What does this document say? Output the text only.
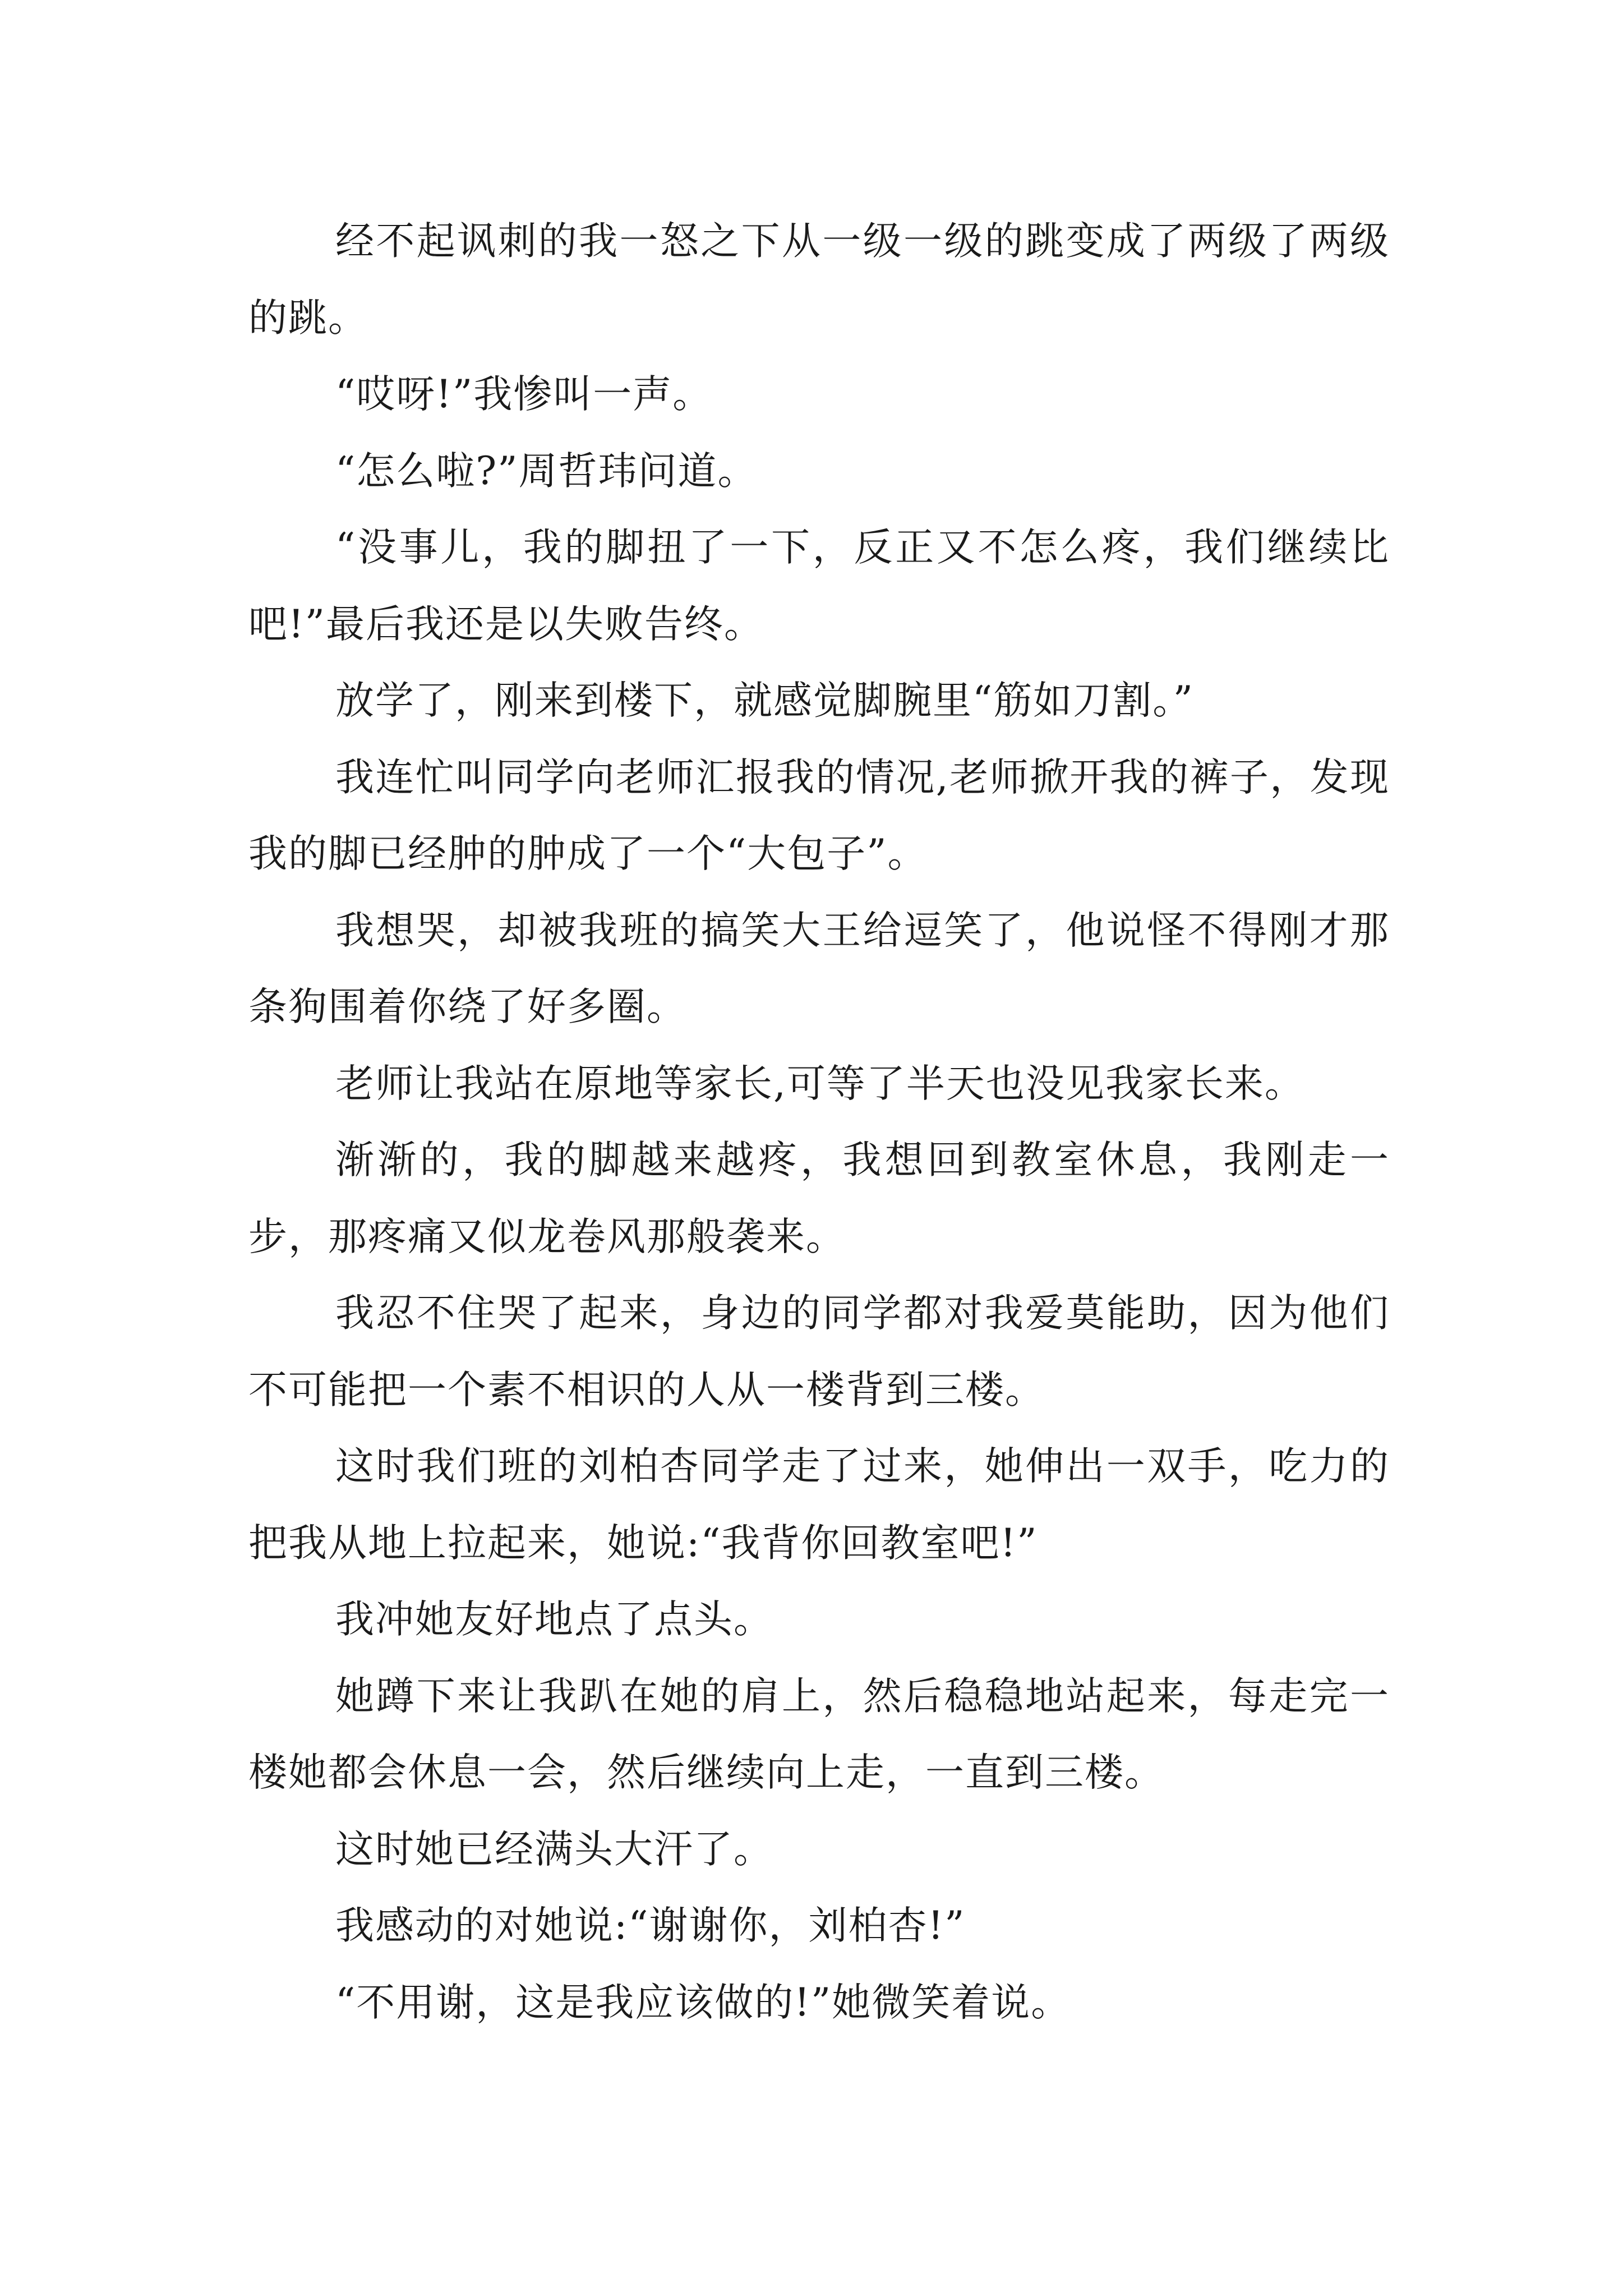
经不起讽刺的我一怒之下从一级一级的跳变成了两级了两级的跳。

“哎呀!”我惨叫一声。

“怎么啦?”周哲玮问道。

“没事儿，我的脚扭了一下，反正又不怎么疼，我们继续比吧!”最后我还是以失败告终。

放学了，刚来到楼下，就感觉脚腕里“筋如刀割。”

我连忙叫同学向老师汇报我的情况,老师掀开我的裤子，发现我的脚已经肿的肿成了一个“大包子”。

我想哭，却被我班的搞笑大王给逗笑了，他说怪不得刚才那条狗围着你绕了好多圈。

老师让我站在原地等家长,可等了半天也没见我家长来。

渐渐的，我的脚越来越疼，我想回到教室休息，我刚走一步，那疼痛又似龙卷风那般袭来。

我忍不住哭了起来，身边的同学都对我爱莫能助，因为他们不可能把一个素不相识的人从一楼背到三楼。

这时我们班的刘柏杏同学走了过来，她伸出一双手，吃力的把我从地上拉起来，她说:“我背你回教室吧!”

我冲她友好地点了点头。

她蹲下来让我趴在她的肩上，然后稳稳地站起来，每走完一楼她都会休息一会，然后继续向上走，一直到三楼。

这时她已经满头大汗了。

我感动的对她说:“谢谢你，刘柏杏!”

“不用谢，这是我应该做的!”她微笑着说。
